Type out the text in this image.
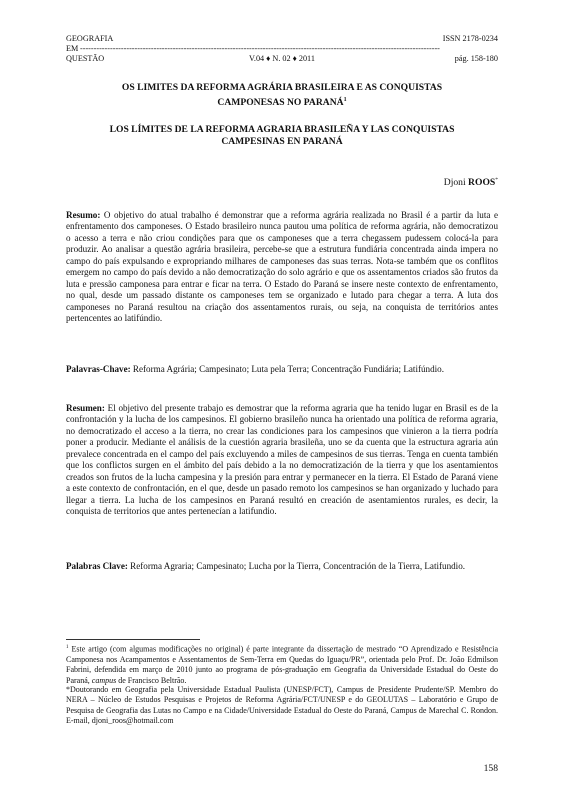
GEOGRAFIA	ISSN 2178-0234
EM ------------------------------------------------------------------------------------------------------------------------------------
QUESTÃO	V.04 ♦ N. 02 ♦ 2011	pág. 158-180
OS LIMITES DA REFORMA AGRÁRIA BRASILEIRA E AS CONQUISTAS
CAMPONESAS NO PARANÁ$^1$
LOS LÍMITES DE LA REFORMA AGRARIA BRASILEÑA Y LAS CONQUISTAS
CAMPESINAS EN PARANÁ
Djoni ROOS*
Resumo: O objetivo do atual trabalho é demonstrar que a reforma agrária realizada no Brasil é a partir da luta e enfrentamento dos camponeses. O Estado brasileiro nunca pautou uma política de reforma agrária, não democratizou o acesso a terra e não criou condições para que os camponeses que a terra chegassem pudessem colocá-la para produzir. Ao analisar a questão agrária brasileira, percebe-se que a estrutura fundiária concentrada ainda impera no campo do país expulsando e expropriando milhares de camponeses das suas terras. Nota-se também que os conflitos emergem no campo do país devido a não democratização do solo agrário e que os assentamentos criados são frutos da luta e pressão camponesa para entrar e ficar na terra. O Estado do Paraná se insere neste contexto de enfrentamento, no qual, desde um passado distante os camponeses tem se organizado e lutado para chegar a terra. A luta dos camponeses no Paraná resultou na criação dos assentamentos rurais, ou seja, na conquista de territórios antes pertencentes ao latifúndio.
Palavras-Chave: Reforma Agrária; Campesinato; Luta pela Terra; Concentração Fundiária; Latifúndio.
Resumen: El objetivo del presente trabajo es demostrar que la reforma agraria que ha tenido lugar en Brasil es de la confrontación y la lucha de los campesinos. El gobierno brasileño nunca ha orientado una política de reforma agraria, no democratizado el acceso a la tierra, no crear las condiciones para los campesinos que vinieron a la tierra podría poner a producir. Mediante el análisis de la cuestión agraria brasileña, uno se da cuenta que la estructura agraria aún prevalece concentrada en el campo del país excluyendo a miles de campesinos de sus tierras. Tenga en cuenta también que los conflictos surgen en el ámbito del país debido a la no democratización de la tierra y que los asentamientos creados son frutos de la lucha campesina y la presión para entrar y permanecer en la tierra. El Estado de Paraná viene a este contexto de confrontación, en el que, desde un pasado remoto los campesinos se han organizado y luchado para llegar a tierra. La lucha de los campesinos en Paraná resultó en creación de asentamientos rurales, es decir, la conquista de territorios que antes pertenecían a latifundio.
Palabras Clave: Reforma Agraria; Campesinato; Lucha por la Tierra, Concentración de la Tierra, Latifundio.
$^1$ Este artigo (com algumas modificações no original) é parte integrante da dissertação de mestrado “O Aprendizado e Resistência Camponesa nos Acampamentos e Assentamentos de Sem-Terra em Quedas do Iguaçu/PR”, orientada pelo Prof. Dr. João Edmilson Fabrini, defendida em março de 2010 junto ao programa de pós-graduação em Geografia da Universidade Estadual do Oeste do Paraná, campus de Francisco Beltrão.
*Doutorando em Geografia pela Universidade Estadual Paulista (UNESP/FCT), Campus de Presidente Prudente/SP. Membro do NERA – Núcleo de Estudos Pesquisas e Projetos de Reforma Agrária/FCT/UNESP e do GEOLUTAS – Laboratório e Grupo de Pesquisa de Geografia das Lutas no Campo e na Cidade/Universidade Estadual do Oeste do Paraná, Campus de Marechal C. Rondon. E-mail, djoni_roos@hotmail.com
158
